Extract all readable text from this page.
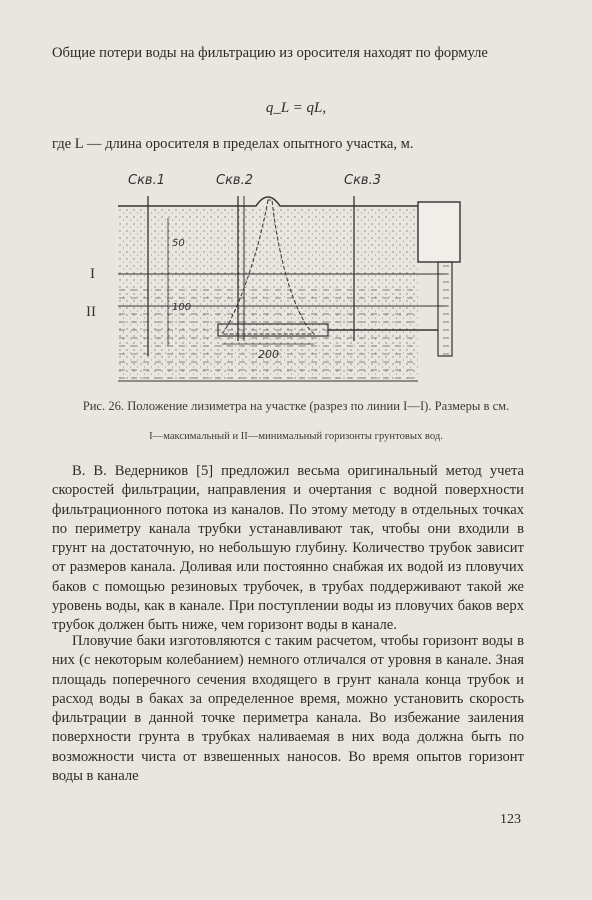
Общие потери воды на фильтрацию из оросителя находят по формуле

q_L = qL,
где L — длина оросителя в пределах опытного участка, м.
Скв.1	Скв.2	Скв.3
50
100
200
I
II
Рис. 26. Положение лизиметра на участке (разрез по линии I—I). Размеры в см.
I—максимальный и II—минимальный горизонты грунтовых вод.

В. В. Ведерников [5] предложил весьма оригинальный метод учета скоростей фильтрации, направления и очертания с водной поверхности фильтрационного потока из каналов. По этому методу в отдельных точках по периметру канала трубки устанавливают так, чтобы они входили в грунт на достаточную, но небольшую глубину. Количество трубок зависит от размеров канала. Доливая или постоянно снабжая их водой из пловучих баков с помощью резиновых трубочек, в трубах поддерживают такой же уровень воды, как в канале. При поступлении воды из пловучих баков верх трубок должен быть ниже, чем горизонт воды в канале.

Пловучие баки изготовляются с таким расчетом, чтобы горизонт воды в них (с некоторым колебанием) немного отличался от уровня в канале. Зная площадь поперечного сечения входящего в грунт канала конца трубок и расход воды в баках за определенное время, можно установить скорость фильтрации в данной точке периметра канала. Во избежание заиления поверхности грунта в трубках наливаемая в них вода должна быть по возможности чиста от взвешенных наносов. Во время опытов горизонт воды в канале

123
